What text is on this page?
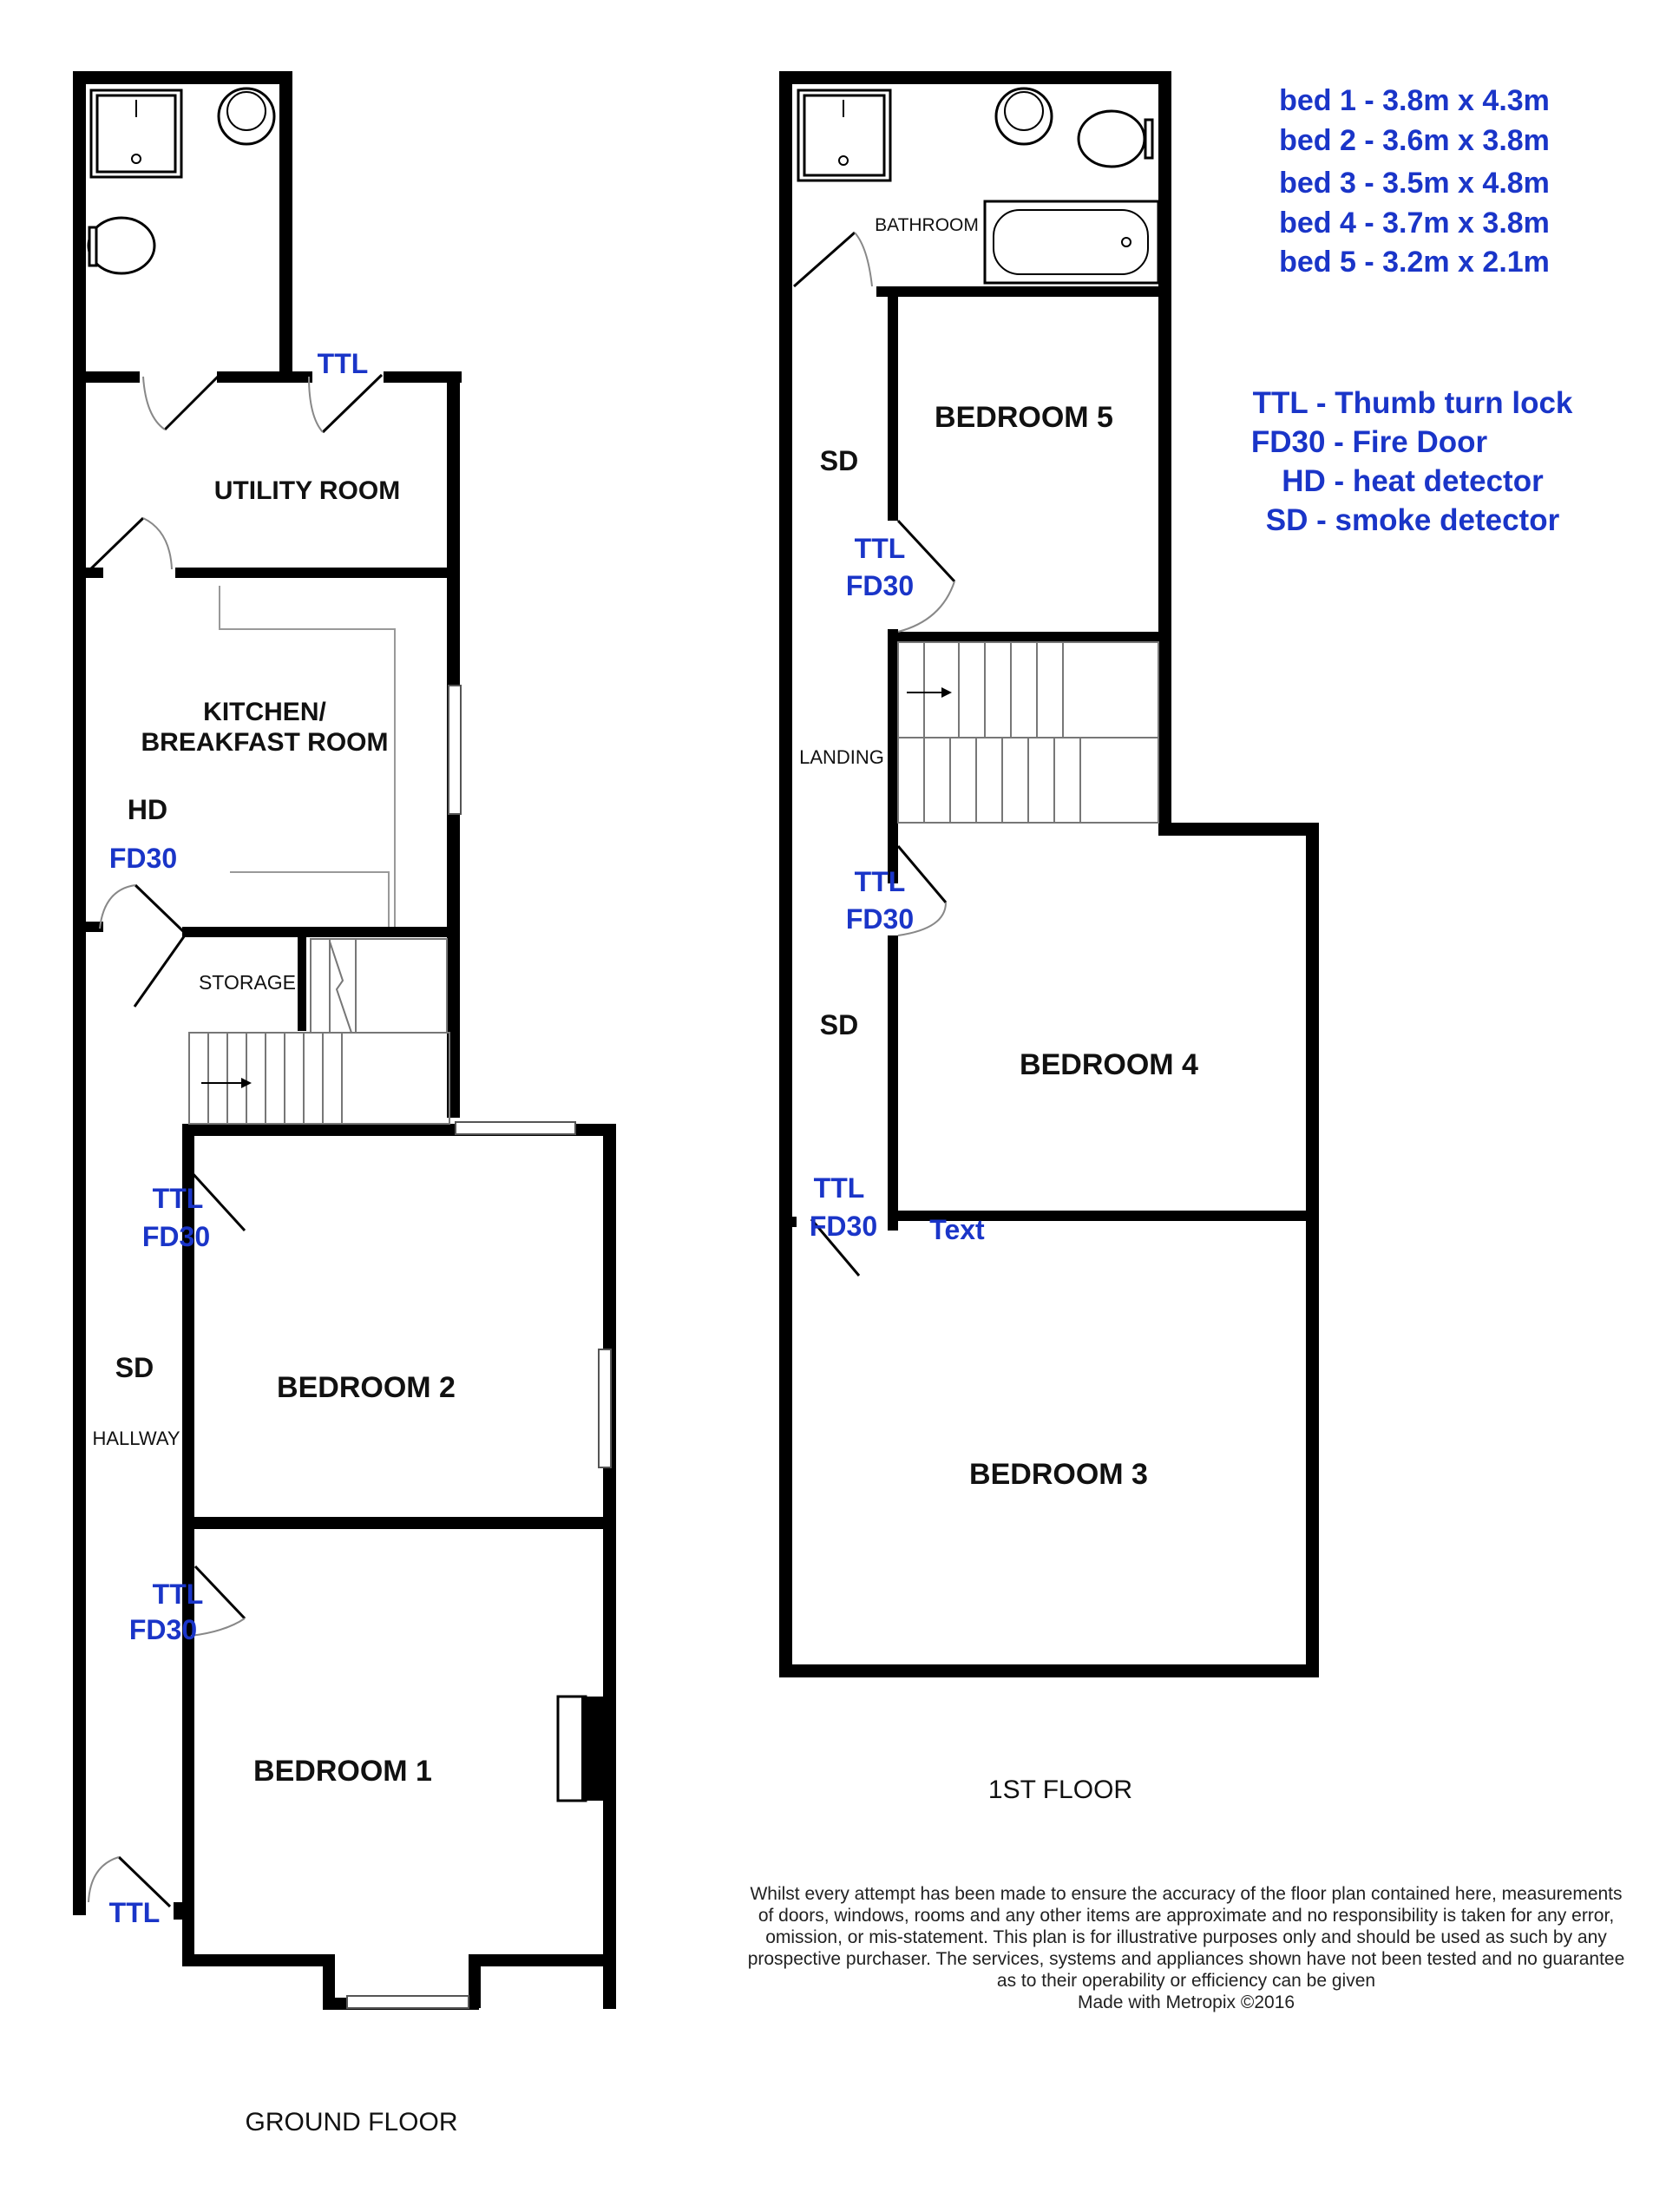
UTILITY ROOM
KITCHEN/
BREAKFAST ROOM
STORAGE
BEDROOM 2
BEDROOM 1
HALLWAY
TTL
HD
FD30
TTL
FD30
SD
TTL
FD30
TTL
BATHROOM
BEDROOM 5
LANDING
BEDROOM 4
BEDROOM 3
SD
TTL
FD30
TTL
FD30
SD
TTL
FD30 Text
GROUND FLOOR
1ST FLOOR
bed 1 - 3.8m x 4.3m
bed 2 - 3.6m x 3.8m
bed 3 - 3.5m x 4.8m
bed 4 - 3.7m x 3.8m
bed 5 - 3.2m x 2.1m
TTL - Thumb turn lock
FD30 - Fire Door
HD - heat detector
SD - smoke detector
Whilst every attempt has been made to ensure the accuracy of the floor plan contained here, measurements
of doors, windows, rooms and any other items are approximate and no responsibility is taken for any error,
omission, or mis-statement. This plan is for illustrative purposes only and should be used as such by any
prospective purchaser. The services, systems and appliances shown have not been tested and no guarantee
as to their operability or efficiency can be given
Made with Metropix ©2016
